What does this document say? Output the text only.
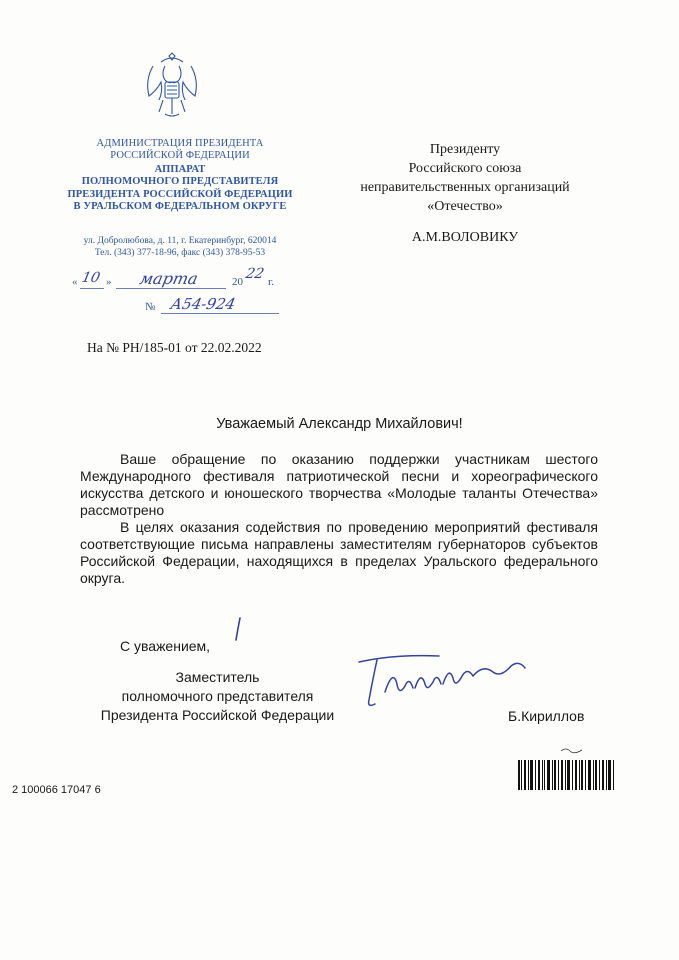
АДМИНИСТРАЦИЯ ПРЕЗИДЕНТА
РОССИЙСКОЙ ФЕДЕРАЦИИ
АППАРАТ
ПОЛНОМОЧНОГО ПРЕДСТАВИТЕЛЯ
ПРЕЗИДЕНТА РОССИЙСКОЙ ФЕДЕРАЦИИ
В УРАЛЬСКОМ ФЕДЕРАЛЬНОМ ОКРУГЕ
ул. Добролюбова, д. 11, г. Екатеринбург, 620014
Тел. (343) 377-18-96, факс (343) 378-95-53
« 10 » марта	20 22 г.
№ А54-924
На № РН/185-01 от 22.02.2022
Президенту
Российского союза
неправительственных организаций
«Отечество»
А.М.ВОЛОВИКУ
Уважаемый Александр Михайлович!

Ваше обращение по оказанию поддержки участникам шестого Международного фестиваля патриотической песни и хореографического искусства детского и юношеского творчества «Молодые таланты Отечества» рассмотрено

В целях оказания содействия по проведению мероприятий фестиваля соответствующие письма направлены заместителям губернаторов субъектов Российской Федерации, находящихся в пределах Уральского федерального округа.

С уважением,
Заместитель
полномочного представителя
Президента Российской Федерации	Б.Кириллов
2 100066 17047 6
